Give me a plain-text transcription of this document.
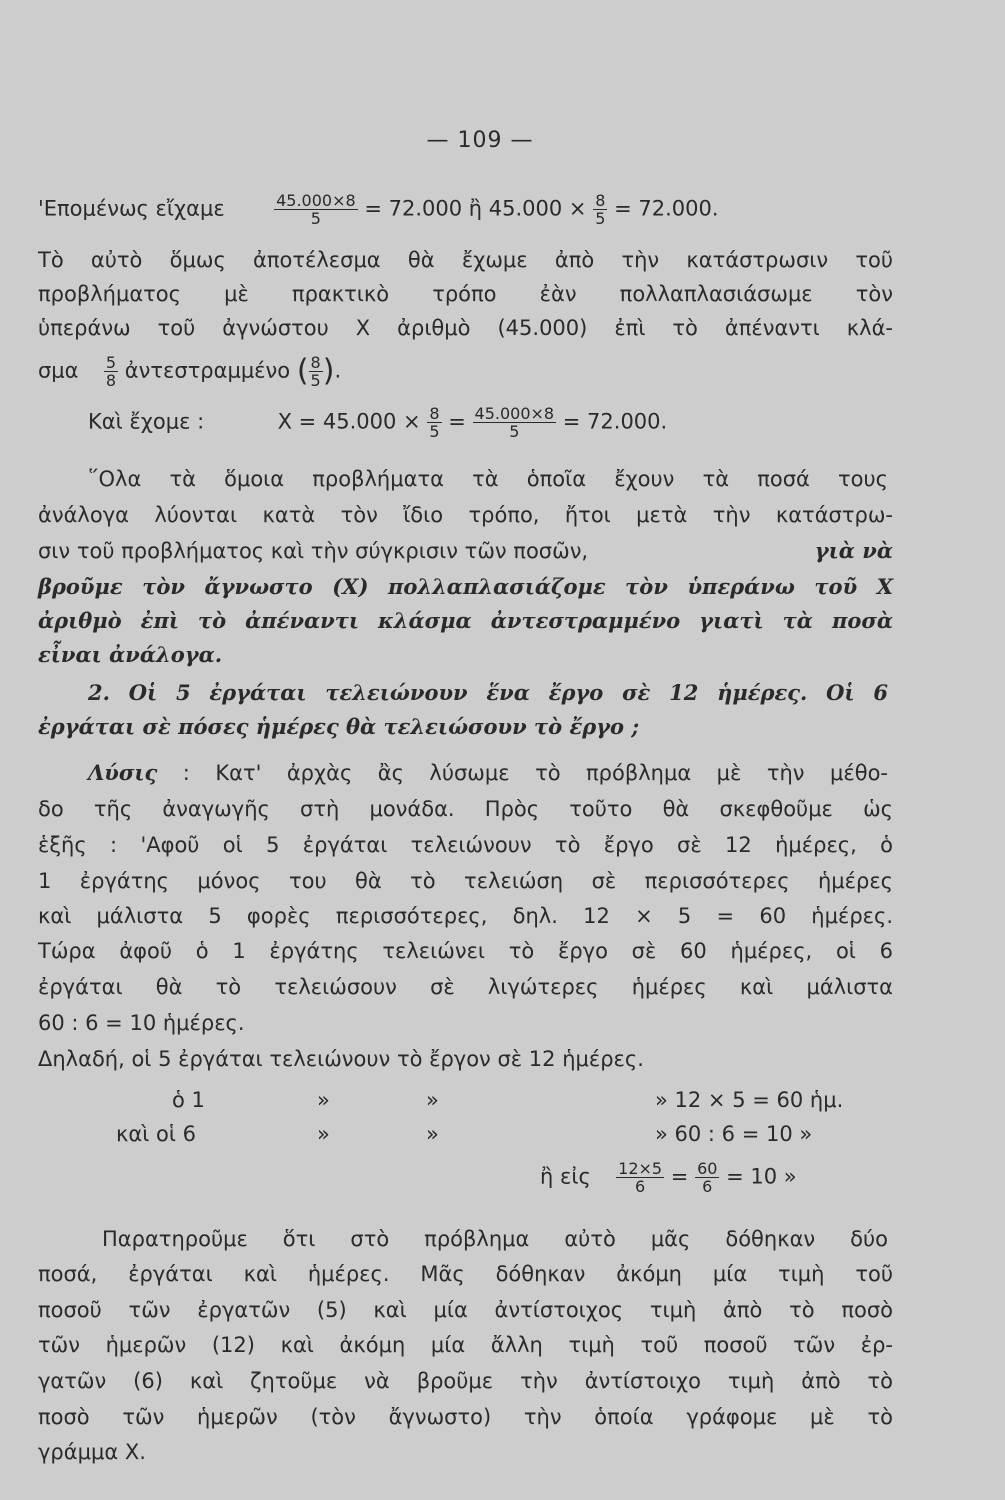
— 109 —
'Επομένως εἴχαμε	$\frac{45.000\times 8}{5} = 72.000$ ἢ $45.000 \times \frac{8}{5} = 72.000$.
Τὸ αὐτὸ ὅμως ἀποτέλεσμα θὰ ἔχωμε ἀπὸ τὴν κατάστρωσιν τοῦ
προβλήματος μὲ πρακτικὸ τρόπο ἐὰν πολλαπλασιάσωμε τὸν
ὑπεράνω τοῦ ἀγνώστου Χ ἀριθμὸ (45.000) ἐπὶ τὸ ἀπέναντι κλά-
σμα $\frac{5}{8}$ ἀντεστραμμένο ( $\frac{8}{5}$ ).
Καὶ ἔχομε :	$X = 45.000 \times \frac{8}{5} = \frac{45.000\times 8}{5} = 72.000$.
῞Ολα τὰ ὅμοια προβλήματα τὰ ὁποῖα ἔχουν τὰ ποσά τους
ἀνάλογα λύονται κατὰ τὸν ἴδιο τρόπο, ἤτοι μετὰ τὴν κατάστρω-
σιν τοῦ προβλήματος καὶ τὴν σύγκρισιν τῶν ποσῶν,	γιὰ νὰ
βροῦμε τὸν ἄγνωστο (Χ) πολλαπλασιάζομε τὸν ὑπεράνω τοῦ Χ
ἀριθμὸ ἐπὶ τὸ ἀπέναντι κλάσμα ἀντεστραμμένο γιατὶ τὰ ποσὰ
εἶναι ἀνάλογα.
2. Οἱ 5 ἐργάται τελειώνουν ἕνα ἔργο σὲ 12 ἡμέρες. Οἱ 6
ἐργάται σὲ πόσες ἡμέρες θὰ τελειώσουν τὸ ἔργο ;
Λύσις : Κατ' ἀρχὰς ἂς λύσωμε τὸ πρόβλημα μὲ τὴν μέθο-
δο τῆς ἀναγωγῆς στὴ μονάδα. Πρὸς τοῦτο θὰ σκεφθοῦμε ὡς
ἑξῆς : 'Αφοῦ οἱ 5 ἐργάται τελειώνουν τὸ ἔργο σὲ 12 ἡμέρες, ὁ
1 ἐργάτης μόνος του θὰ τὸ τελειώση σὲ περισσότερες ἡμέρες
καὶ μάλιστα 5 φορὲς περισσότερες, δηλ. 12 × 5 = 60 ἡμέρες.
Τώρα ἀφοῦ ὁ 1 ἐργάτης τελειώνει τὸ ἔργο σὲ 60 ἡμέρες, οἱ 6
ἐργάται θὰ τὸ τελειώσουν σὲ λιγώτερες ἡμέρες καὶ μάλιστα
60 : 6 = 10 ἡμέρες.
Δηλαδή, οἱ 5 ἐργάται τελειώνουν τὸ ἔργον σὲ 12 ἡμέρες.
ὁ 1	»	»	» 12 × 5 = 60 ἡμ.
καὶ οἱ 6	»	»	» 60 : 6 = 10 »
ἢ εἰς $\frac{12\times 5}{6} = \frac{60}{6} = 10$ »
Παρατηροῦμε ὅτι στὸ πρόβλημα αὐτὸ μᾶς δόθηκαν δύο
ποσά, ἐργάται καὶ ἡμέρες. Μᾶς δόθηκαν ἀκόμη μία τιμὴ τοῦ
ποσοῦ τῶν ἐργατῶν (5) καὶ μία ἀντίστοιχος τιμὴ ἀπὸ τὸ ποσὸ
τῶν ἡμερῶν (12) καὶ ἀκόμη μία ἄλλη τιμὴ τοῦ ποσοῦ τῶν ἐρ-
γατῶν (6) καὶ ζητοῦμε νὰ βροῦμε τὴν ἀντίστοιχο τιμὴ ἀπὸ τὸ
ποσὸ τῶν ἡμερῶν (τὸν ἄγνωστο) τὴν ὁποία γράφομε μὲ τὸ
γράμμα Χ.
